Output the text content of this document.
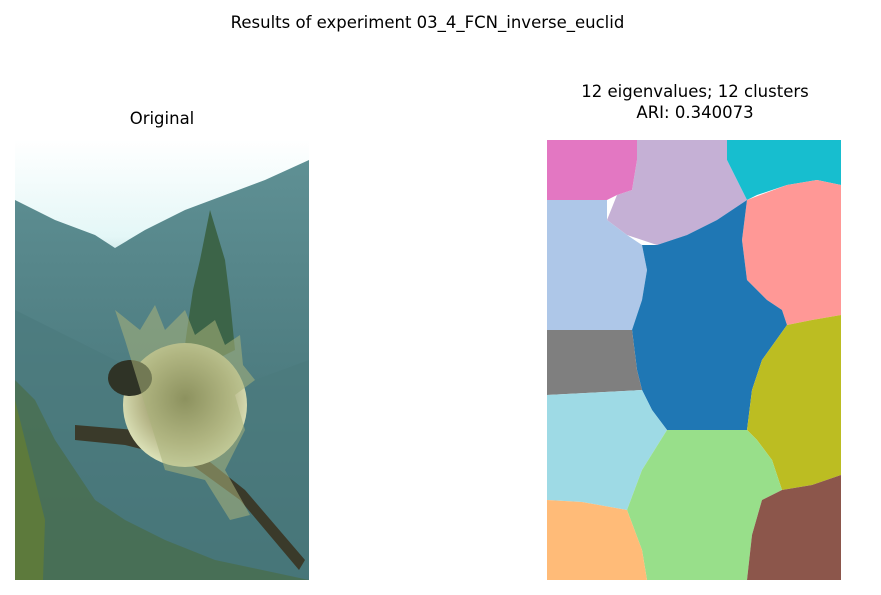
Results of experiment 03_4_FCN_inverse_euclid
Original
12 eigenvalues; 12 clusters
ARI: 0.340073
